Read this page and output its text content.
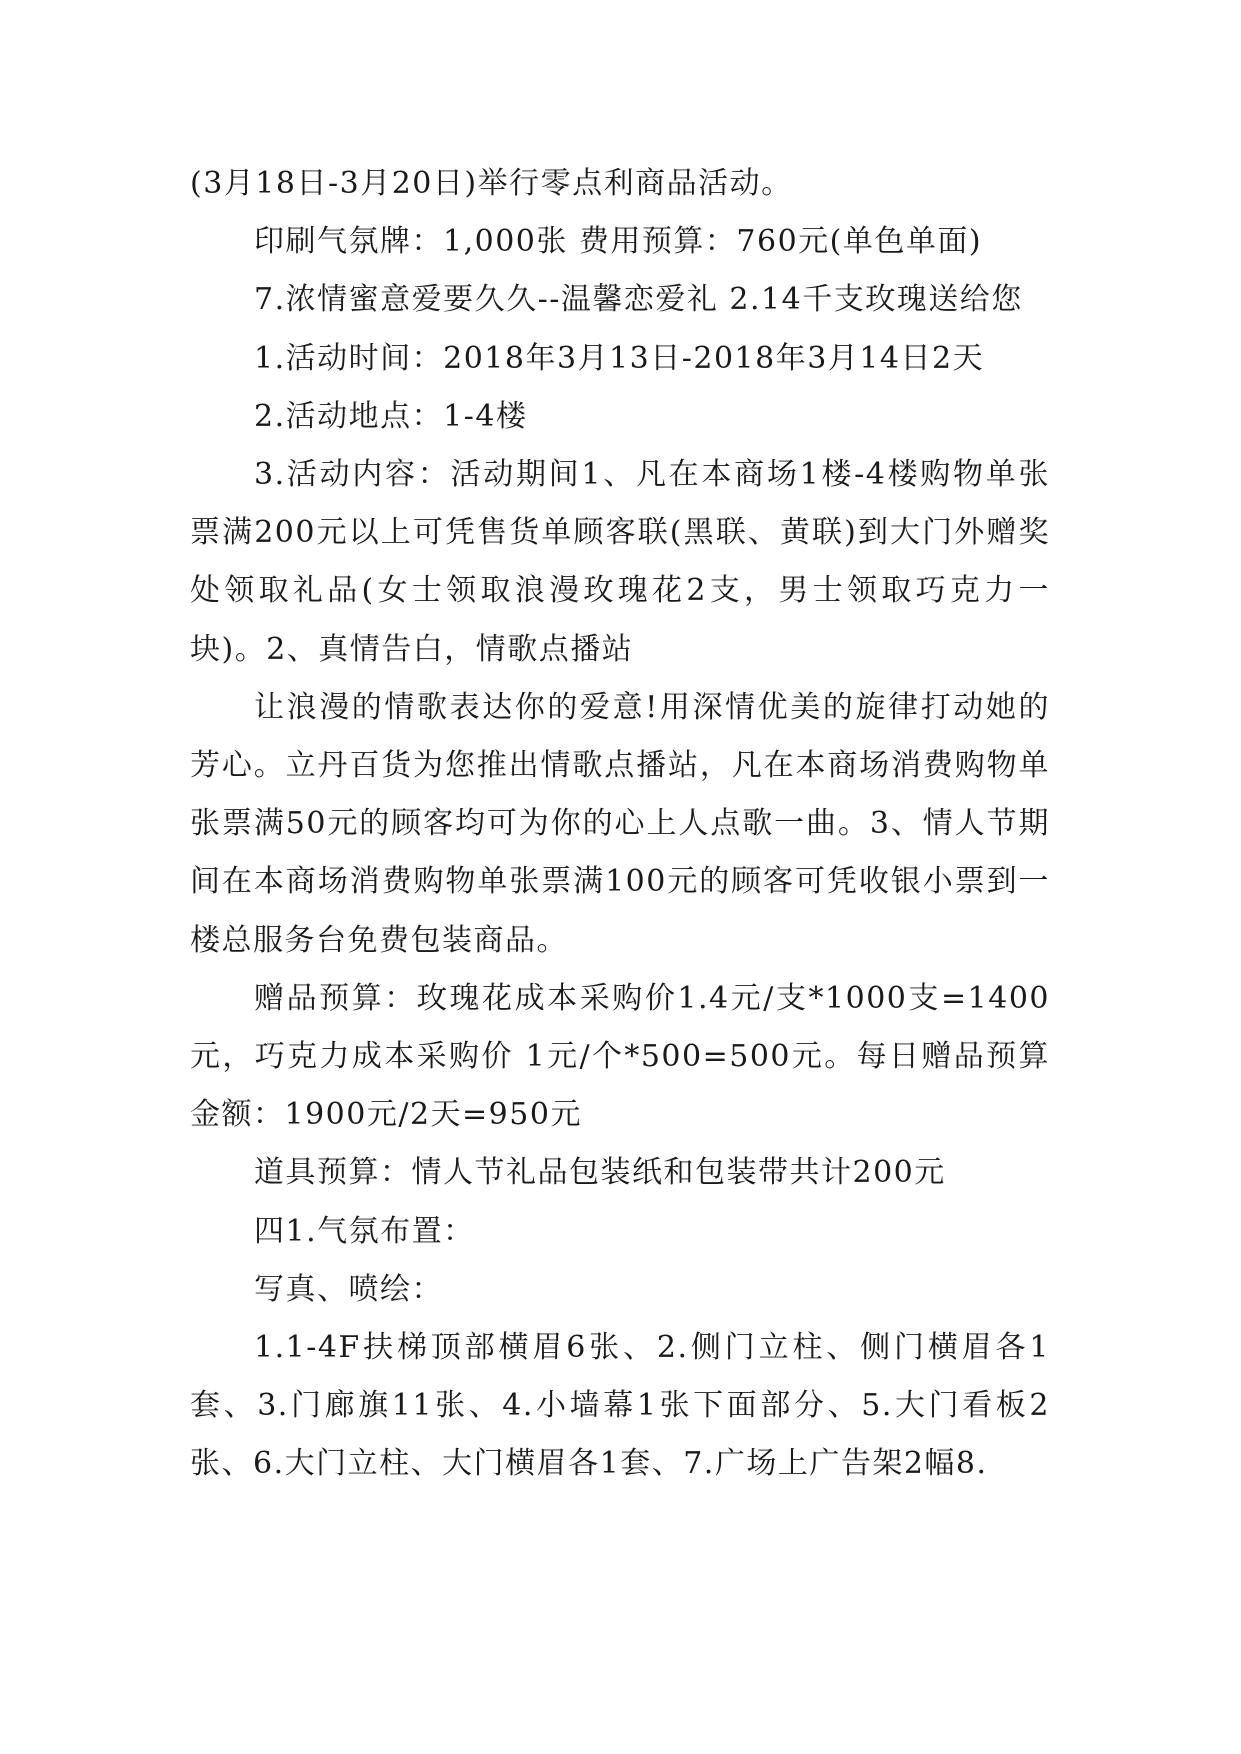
(3月18日-3月20日)举行零点利商品活动。

印刷气氛牌：1,000张 费用预算：760元(单色单面)

7.浓情蜜意爱要久久--温馨恋爱礼 2.14千支玫瑰送给您

1.活动时间：2018年3月13日-2018年3月14日2天

2.活动地点：1-4楼

3.活动内容：活动期间1、凡在本商场1楼-4楼购物单张票满200元以上可凭售货单顾客联(黑联、黄联)到大门外赠奖处领取礼品(女士领取浪漫玫瑰花2支，男士领取巧克力一块)。2、真情告白，情歌点播站

让浪漫的情歌表达你的爱意!用深情优美的旋律打动她的芳心。立丹百货为您推出情歌点播站，凡在本商场消费购物单张票满50元的顾客均可为你的心上人点歌一曲。3、情人节期间在本商场消费购物单张票满100元的顾客可凭收银小票到一楼总服务台免费包装商品。

赠品预算：玫瑰花成本采购价1.4元/支*1000支=1400元，巧克力成本采购价 1元/个*500=500元。每日赠品预算金额：1900元/2天=950元

道具预算：情人节礼品包装纸和包装带共计200元

四1.气氛布置：

写真、喷绘：

1.1-4F扶梯顶部横眉6张、2.侧门立柱、侧门横眉各1套、3.门廊旗11张、4.小墙幕1张下面部分、5.大门看板2张、6.大门立柱、大门横眉各1套、7.广场上广告架2幅8.
